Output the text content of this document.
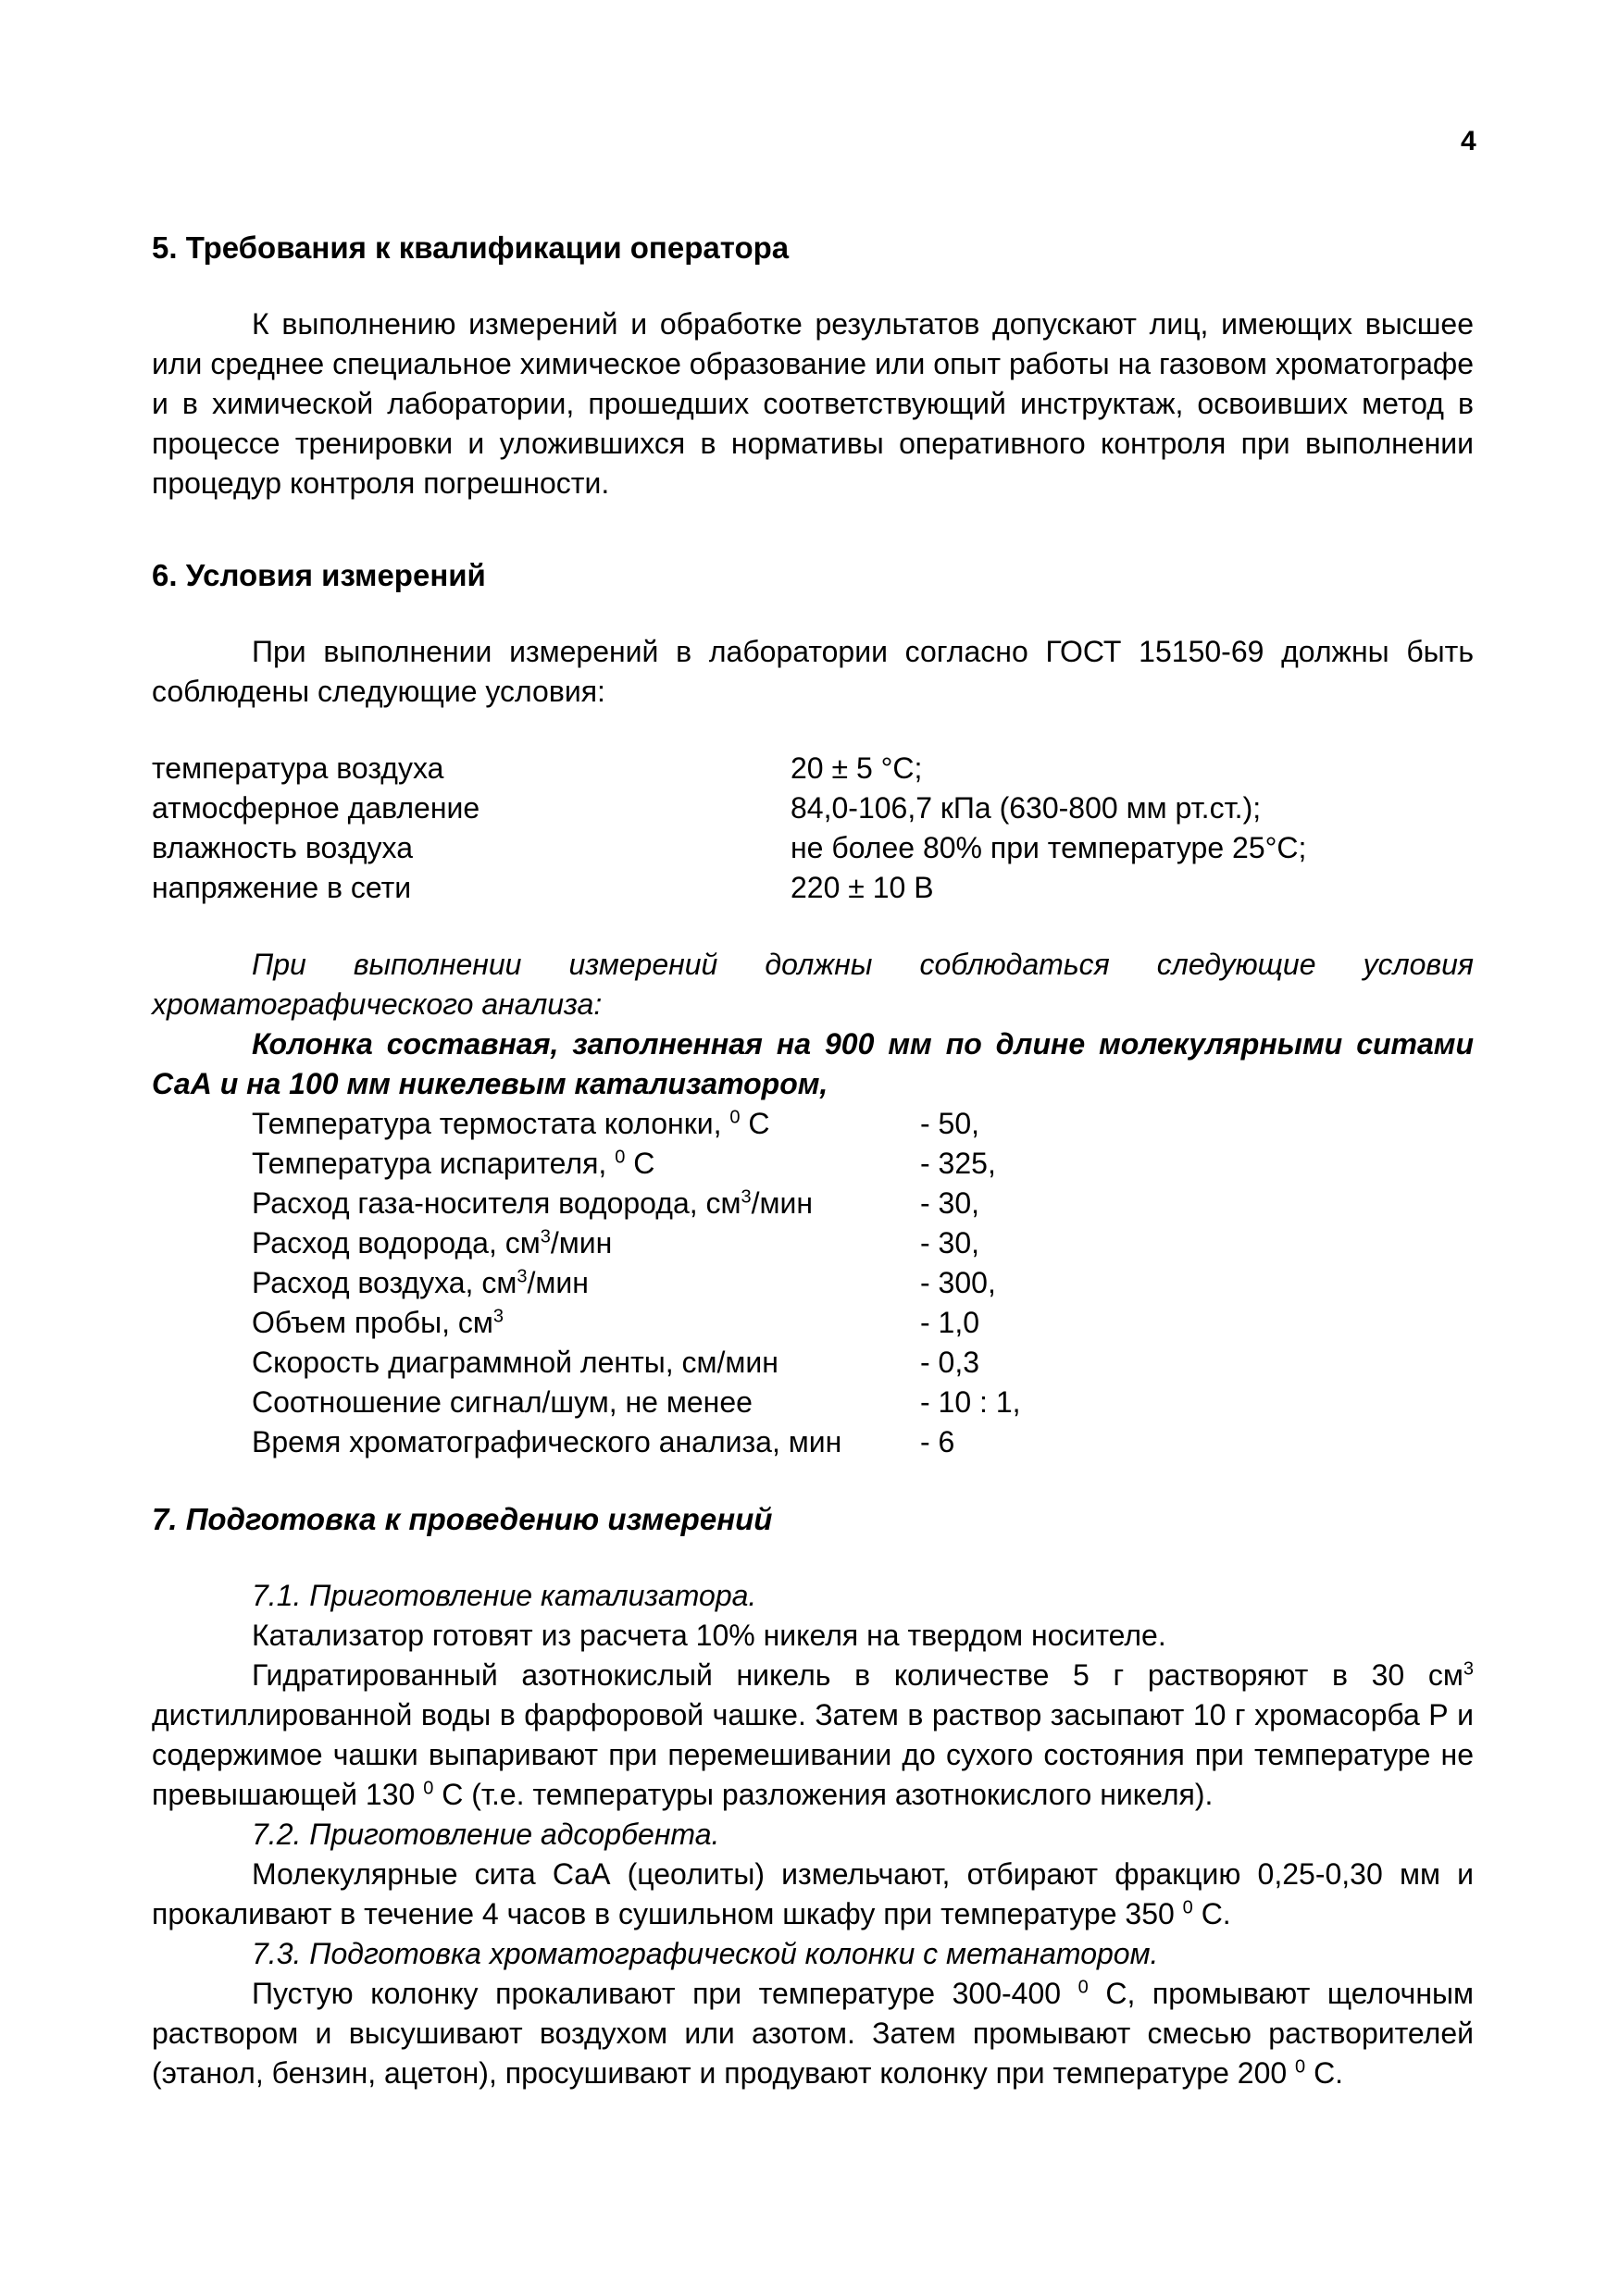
4

5. Требования к квалификации оператора

К выполнению измерений и обработке результатов допускают лиц, имеющих высшее или среднее специальное химическое образование или опыт работы на газовом хроматографе и в химической лаборатории, прошедших соответствующий инструктаж, освоивших метод в процессе тренировки и уложившихся в нормативы оперативного контроля при выполнении процедур контроля погрешности.

6. Условия измерений

При выполнении измерений в лаборатории согласно ГОСТ 15150-69 должны быть соблюдены следующие условия:

температура воздуха	20 ± 5 °С;
атмосферное давление	84,0-106,7 кПа (630-800 мм рт.ст.);
влажность воздуха	не более 80% при температуре 25°С;
напряжение в сети	220 ± 10 В

При выполнении измерений должны соблюдаться следующие условия хроматографического анализа:

Колонка составная, заполненная на 900 мм по длине молекулярными ситами СаА и на 100 мм никелевым катализатором,

Температура термостата колонки, $^0$ С	- 50,
Температура испарителя, $^0$ С	- 325,
Расход газа-носителя водорода, $см^3$/мин	- 30,
Расход водорода, $см^3$/мин	- 30,
Расход воздуха, $см^3$/мин	- 300,
Объем пробы, $см^3$	- 1,0
Скорость диаграммной ленты, см/мин	- 0,3
Соотношение сигнал/шум, не менее	- 10 : 1,
Время хроматографического анализа, мин	- 6

7. Подготовка к проведению измерений

7.1. Приготовление катализатора.

Катализатор готовят из расчета 10% никеля на твердом носителе.

Гидратированный азотнокислый никель в количестве 5 г растворяют в 30 $см^3$ дистиллированной воды в фарфоровой чашке. Затем в раствор засыпают 10 г хромасорба Р и содержимое чашки выпаривают при перемешивании до сухого состояния при температуре не превышающей 130 $^0$ С (т.е. температуры разложения азотнокислого никеля).

7.2. Приготовление адсорбента.

Молекулярные сита СаА (цеолиты) измельчают, отбирают фракцию 0,25-0,30 мм и прокаливают в течение 4 часов в сушильном шкафу при температуре 350 $^0$ С.

7.3. Подготовка хроматографической колонки с метанатором.

Пустую колонку прокаливают при температуре 300-400 $^0$ С, промывают щелочным раствором и высушивают воздухом или азотом. Затем промывают смесью растворителей (этанол, бензин, ацетон), просушивают и продувают колонку при температуре 200 $^0$ С.
